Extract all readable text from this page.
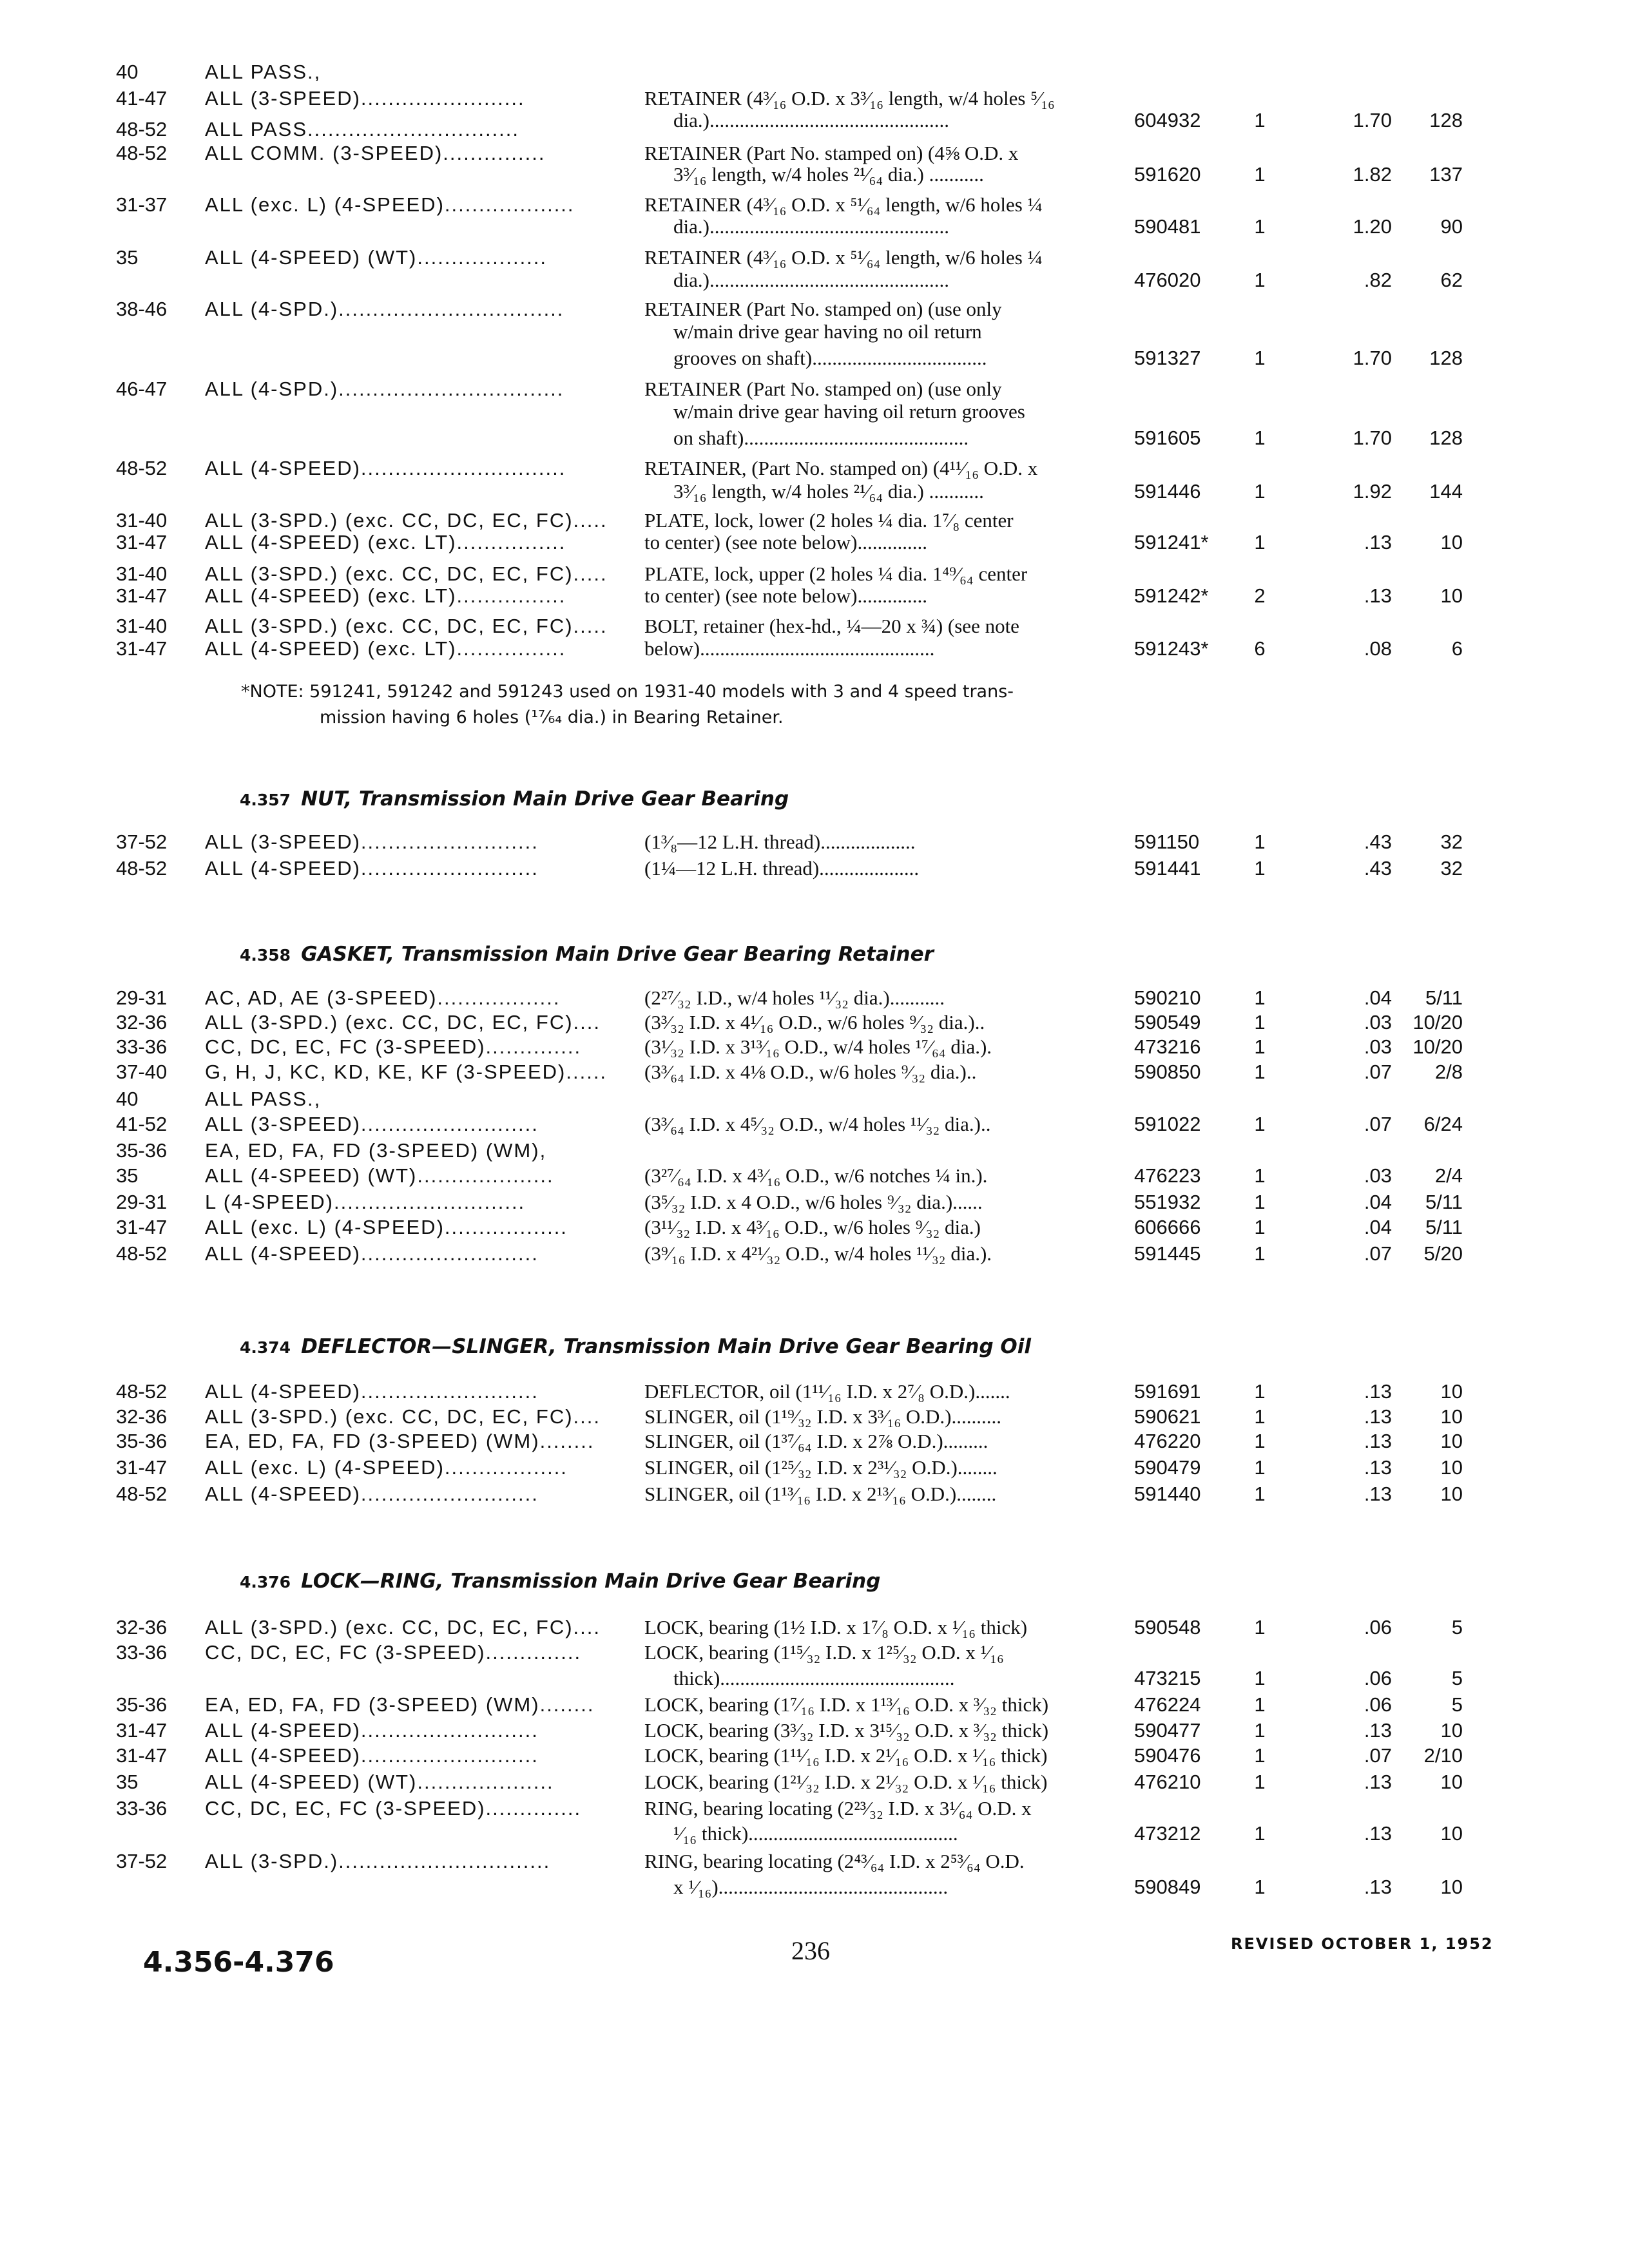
40	ALL PASS.,
41-47 ALL (3-SPEED)........................	RETAINER (4³⁄₁₆ O.D. x 3³⁄₁₆ length, w/4 holes ⁵⁄₁₆
dia.)................................................	604932	1	1.70	128
48-52 ALL PASS...............................
48-52 ALL COMM. (3-SPEED)...............	RETAINER (Part No. stamped on) (4⅝ O.D. x
3³⁄₁₆ length, w/4 holes ²¹⁄₆₄ dia.) ...........	591620	1	1.82	137
31-37 ALL (exc. L) (4-SPEED)...................	RETAINER (4³⁄₁₆ O.D. x ⁵¹⁄₆₄ length, w/6 holes ¼
dia.)................................................	590481	1	1.20	90
35	ALL (4-SPEED) (WT)...................	RETAINER (4³⁄₁₆ O.D. x ⁵¹⁄₆₄ length, w/6 holes ¼
dia.)................................................	476020	1	.82	62
38-46 ALL (4-SPD.).................................	RETAINER (Part No. stamped on) (use only
w/main drive gear having no oil return
grooves on shaft)...................................	591327	1	1.70	128
46-47 ALL (4-SPD.).................................	RETAINER (Part No. stamped on) (use only
w/main drive gear having oil return grooves
on shaft).............................................	591605	1	1.70	128
48-52 ALL (4-SPEED)..............................	RETAINER, (Part No. stamped on) (4¹¹⁄₁₆ O.D. x
3³⁄₁₆ length, w/4 holes ²¹⁄₆₄ dia.) ...........	591446	1	1.92	144
31-40 ALL (3-SPD.) (exc. CC, DC, EC, FC)..... PLATE, lock, lower (2 holes ¼ dia. 1⁷⁄₈ center
31-47 ALL (4-SPEED) (exc. LT)................	to center) (see note below)..............	591241*	1	.13	10
31-40 ALL (3-SPD.) (exc. CC, DC, EC, FC)..... PLATE, lock, upper (2 holes ¼ dia. 1⁴⁹⁄₆₄ center
31-47 ALL (4-SPEED) (exc. LT)................	to center) (see note below)..............	591242*	2	.13	10
31-40 ALL (3-SPD.) (exc. CC, DC, EC, FC)..... BOLT, retainer (hex-hd., ¼—20 x ¾) (see note
31-47 ALL (4-SPEED) (exc. LT)................	below)...............................................	591243*	6	.08	6
37-52 ALL (3-SPEED)..........................	(1³⁄₈—12 L.H. thread)...................	591150	1	.43	32
48-52 ALL (4-SPEED)..........................	(1¼—12 L.H. thread)....................	591441	1	.43	32
29-31 AC, AD, AE (3-SPEED)..................	(2²⁷⁄₃₂ I.D., w/4 holes ¹¹⁄₃₂ dia.)...........	590210	1	.04	5/11
32-36 ALL (3-SPD.) (exc. CC, DC, EC, FC).... (3³⁄₃₂ I.D. x 4¹⁄₁₆ O.D., w/6 holes ⁹⁄₃₂ dia.)..	590549	1	.03	10/20
33-36 CC, DC, EC, FC (3-SPEED)..............	(3¹⁄₃₂ I.D. x 3¹³⁄₁₆ O.D., w/4 holes ¹⁷⁄₆₄ dia.).	473216	1	.03	10/20
37-40 G, H, J, KC, KD, KE, KF (3-SPEED)...... (3³⁄₆₄ I.D. x 4⅛ O.D., w/6 holes ⁹⁄₃₂ dia.)..	590850	1	.07	2/8
40	ALL PASS.,
41-52 ALL (3-SPEED)..........................	(3³⁄₆₄ I.D. x 4⁵⁄₃₂ O.D., w/4 holes ¹¹⁄₃₂ dia.)..	591022	1	.07	6/24
35-36 EA, ED, FA, FD (3-SPEED) (WM),
35	ALL (4-SPEED) (WT)....................	(3²⁷⁄₆₄ I.D. x 4³⁄₁₆ O.D., w/6 notches ¼ in.).	476223	1	.03	2/4
29-31 L (4-SPEED)............................	(3⁵⁄₃₂ I.D. x 4 O.D., w/6 holes ⁹⁄₃₂ dia.)......	551932	1	.04	5/11
31-47 ALL (exc. L) (4-SPEED)..................	(3¹¹⁄₃₂ I.D. x 4³⁄₁₆ O.D., w/6 holes ⁹⁄₃₂ dia.)	606666	1	.04	5/11
48-52 ALL (4-SPEED)..........................	(3⁹⁄₁₆ I.D. x 4²¹⁄₃₂ O.D., w/4 holes ¹¹⁄₃₂ dia.).	591445	1	.07	5/20
48-52 ALL (4-SPEED)..........................	DEFLECTOR, oil (1¹¹⁄₁₆ I.D. x 2⁷⁄₈ O.D.).......	591691	1	.13	10
32-36 ALL (3-SPD.) (exc. CC, DC, EC, FC).... SLINGER, oil (1¹⁹⁄₃₂ I.D. x 3³⁄₁₆ O.D.)..........	590621	1	.13	10
35-36 EA, ED, FA, FD (3-SPEED) (WM)........	SLINGER, oil (1³⁷⁄₆₄ I.D. x 2⅞ O.D.).........	476220	1	.13	10
31-47 ALL (exc. L) (4-SPEED)..................	SLINGER, oil (1²⁵⁄₃₂ I.D. x 2³¹⁄₃₂ O.D.)........	590479	1	.13	10
48-52 ALL (4-SPEED)..........................	SLINGER, oil (1¹³⁄₁₆ I.D. x 2¹³⁄₁₆ O.D.)........	591440	1	.13	10
32-36 ALL (3-SPD.) (exc. CC, DC, EC, FC).... LOCK, bearing (1½ I.D. x 1⁷⁄₈ O.D. x ¹⁄₁₆ thick)	590548	1	.06	5
33-36 CC, DC, EC, FC (3-SPEED)..............	LOCK, bearing (1¹⁵⁄₃₂ I.D. x 1²⁵⁄₃₂ O.D. x ¹⁄₁₆
thick)...............................................	473215	1	.06	5
35-36 EA, ED, FA, FD (3-SPEED) (WM)........	LOCK, bearing (1⁷⁄₁₆ I.D. x 1¹³⁄₁₆ O.D. x ³⁄₃₂ thick)	476224	1	.06	5
31-47 ALL (4-SPEED)..........................	LOCK, bearing (3³⁄₃₂ I.D. x 3¹⁵⁄₃₂ O.D. x ³⁄₃₂ thick)	590477	1	.13	10
31-47 ALL (4-SPEED)..........................	LOCK, bearing (1¹¹⁄₁₆ I.D. x 2¹⁄₁₆ O.D. x ¹⁄₁₆ thick)	590476	1	.07	2/10
35	ALL (4-SPEED) (WT)....................	LOCK, bearing (1²¹⁄₃₂ I.D. x 2¹⁄₃₂ O.D. x ¹⁄₁₆ thick)	476210	1	.13	10
33-36 CC, DC, EC, FC (3-SPEED)..............	RING, bearing locating (2²³⁄₃₂ I.D. x 3¹⁄₆₄ O.D. x
¹⁄₁₆ thick)..........................................	473212	1	.13	10
37-52 ALL (3-SPD.)...............................	RING, bearing locating (2⁴³⁄₆₄ I.D. x 2⁵³⁄₆₄ O.D.
x ¹⁄₁₆)..............................................	590849	1	.13	10
*NOTE: 591241, 591242 and 591243 used on 1931-40 models with 3 and 4 speed trans-
mission having 6 holes (¹⁷⁄₆₄ dia.) in Bearing Retainer.
4.357 NUT, Transmission Main Drive Gear Bearing
4.358 GASKET, Transmission Main Drive Gear Bearing Retainer
4.374 DEFLECTOR—SLINGER, Transmission Main Drive Gear Bearing Oil
4.376 LOCK—RING, Transmission Main Drive Gear Bearing
4.356-4.376	236	REVISED OCTOBER 1, 1952
